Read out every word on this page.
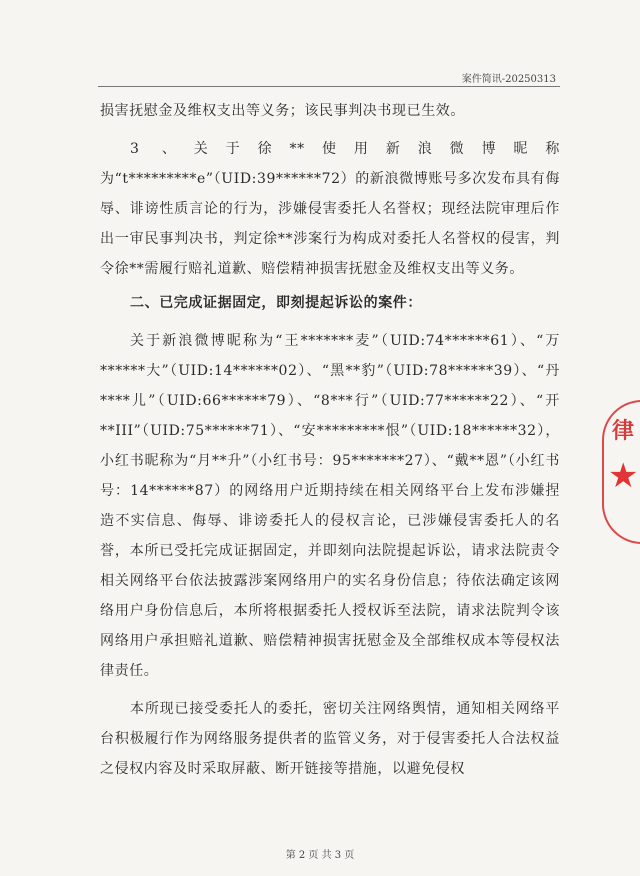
案件简讯-20250313

损害抚慰金及维权支出等义务；该民事判决书现已生效。

3 、关于徐**使用新浪微博昵称为“t*********e”（UID:39******72）的新浪微博账号多次发布具有侮辱、诽谤性质言论的行为，涉嫌侵害委托人名誉权；现经法院审理后作出一审民事判决书，判定徐**涉案行为构成对委托人名誉权的侵害，判令徐**需履行赔礼道歉、赔偿精神损害抚慰金及维权支出等义务。

二、已完成证据固定，即刻提起诉讼的案件：

关于新浪微博昵称为“王*******麦”（UID:74******61）、“万******大”（UID:14******02）、“黑**豹”（UID:78******39）、“丹****儿”（UID:66******79）、“8***行”（UID:77******22）、“开**III”（UID:75******71）、“安*********恨”（UID:18******32），小红书昵称为“月**升”（小红书号：95*******27）、“戴**恩”（小红书号：14******87）的网络用户近期持续在相关网络平台上发布涉嫌捏造不实信息、侮辱、诽谤委托人的侵权言论，已涉嫌侵害委托人的名誉，本所已受托完成证据固定，并即刻向法院提起诉讼，请求法院责令相关网络平台依法披露涉案网络用户的实名身份信息；待依法确定该网络用户身份信息后，本所将根据委托人授权诉至法院，请求法院判令该网络用户承担赔礼道歉、赔偿精神损害抚慰金及全部维权成本等侵权法律责任。

本所现已接受委托人的委托，密切关注网络舆情，通知相关网络平台积极履行作为网络服务提供者的监管义务，对于侵害委托人合法权益之侵权内容及时采取屏蔽、断开链接等措施，以避免侵权

律
★
第 2 页 共 3 页
